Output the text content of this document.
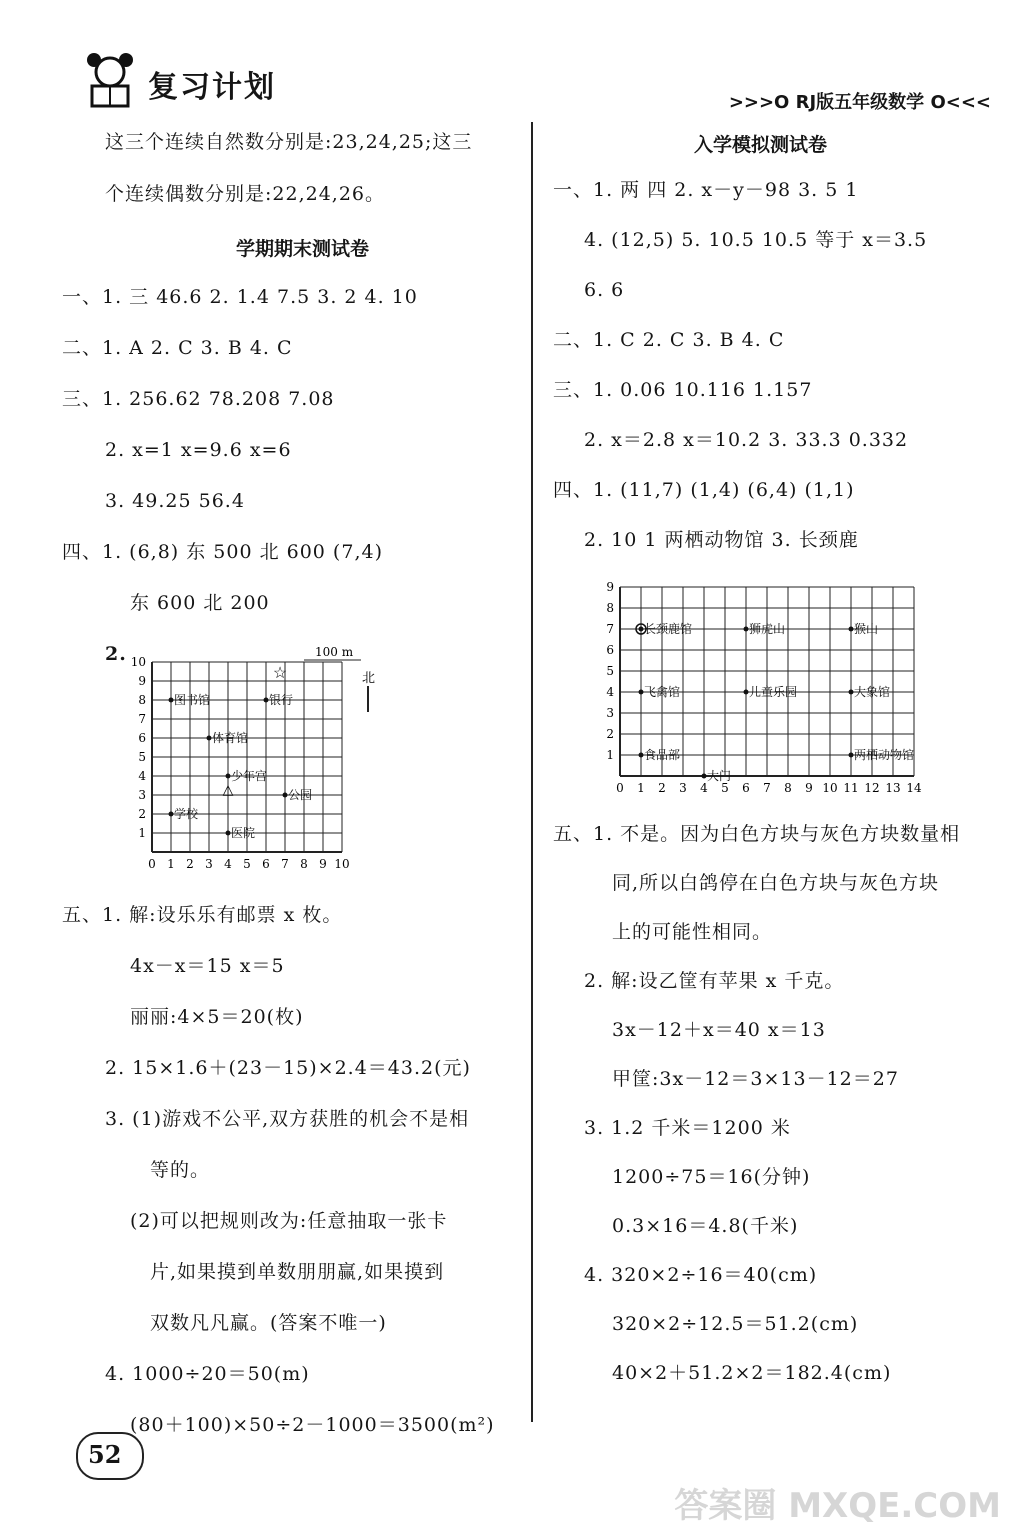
复习计划	>>>O RJ版五年级数学 O<<<
这三个连续自然数分别是:23,24,25;这三
个连续偶数分别是:22,24,26。
学期期末测试卷
一、1. 三 46.6 2. 1.4 7.5 3. 2 4. 10
二、1. A 2. C 3. B 4. C
三、1. 256.62 78.208 7.08
2. x=1 x=9.6 x=6
3. 49.25 56.4
四、1. (6,8) 东 500 北 600 (7,4)
东 600 北 200
2.
0 1 2 3 4 5 6 7 8 9 10
1
2
3
4
5
6
7
8
9
10
图书馆	银行
体育馆
少年宫
公园
学校
医院
100 m
北
☆
△
五、1. 解:设乐乐有邮票 x 枚。
4x－x＝15 x＝5
丽丽:4×5＝20(枚)
2. 15×1.6＋(23－15)×2.4＝43.2(元)
3. (1)游戏不公平,双方获胜的机会不是相
等的。
(2)可以把规则改为:任意抽取一张卡
片,如果摸到单数朋朋赢,如果摸到
双数凡凡赢。(答案不唯一)
4. 1000÷20＝50(m)
(80＋100)×50÷2－1000＝3500(m²)
入学模拟测试卷
一、1. 两 四 2. x－y－98 3. 5 1
4. (12,5) 5. 10.5 10.5 等于 x＝3.5
6. 6
二、1. C 2. C 3. B 4. C
三、1. 0.06 10.116 1.157
2. x＝2.8 x＝10.2 3. 33.3 0.332
四、1. (11,7) (1,4) (6,4) (1,1)
2. 10 1 两栖动物馆 3. 长颈鹿
0 1 2 3 4 5 6 7 8 9 10 11 12 13 14
1
2
3
4
5
6
7
8
9
长颈鹿馆	狮虎山	猴山
飞禽馆	儿童乐园	大象馆
食品部	两栖动物馆
大门
五、1. 不是。因为白色方块与灰色方块数量相
同,所以白鸽停在白色方块与灰色方块
上的可能性相同。
2. 解:设乙筐有苹果 x 千克。
3x－12＋x＝40 x＝13
甲筐:3x－12＝3×13－12＝27
3. 1.2 千米＝1200 米
1200÷75＝16(分钟)
0.3×16＝4.8(千米)
4. 320×2÷16＝40(cm)
320×2÷12.5＝51.2(cm)
40×2＋51.2×2＝182.4(cm)
52
答案圈 MXQE.COM
